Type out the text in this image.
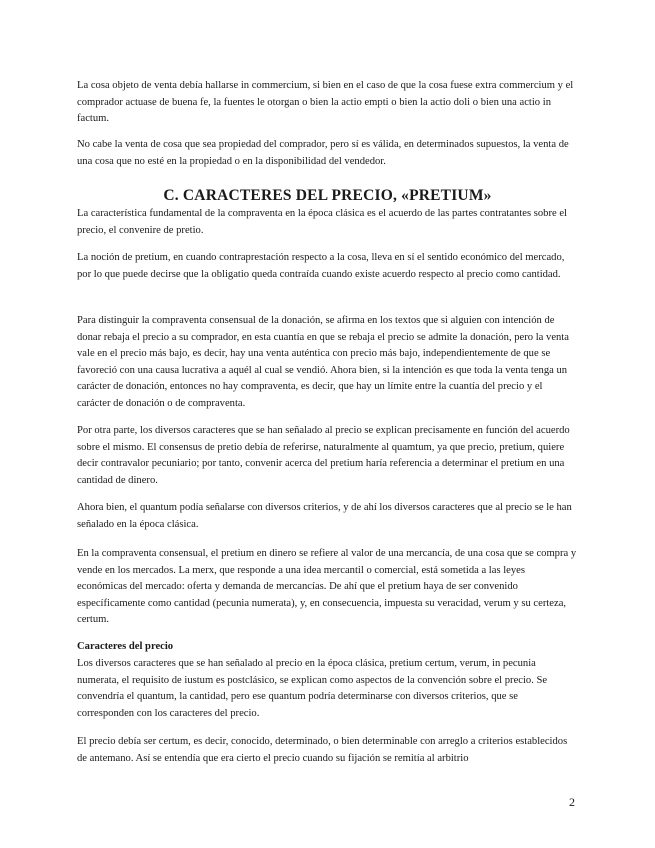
La cosa objeto de venta debía hallarse in commercium, si bien en el caso de que la cosa fuese extra commercium y el comprador actuase de buena fe, la fuentes le otorgan o bien la actio empti o bien la actio doli o bien una actio in factum.

No cabe la venta de cosa que sea propiedad del comprador, pero sí es válida, en determinados supuestos, la venta de una cosa que no esté en la propiedad o en la disponibilidad del vendedor.

C. CARACTERES DEL PRECIO, «PRETIUM»

La característica fundamental de la compraventa en la época clásica es el acuerdo de las partes contratantes sobre el precio, el convenire de pretio.

La noción de pretium, en cuando contraprestación respecto a la cosa, lleva en sí el sentido económico del mercado, por lo que puede decirse que la obligatio queda contraída cuando existe acuerdo respecto al precio como cantidad.

Para distinguir la compraventa consensual de la donación, se afirma en los textos que si alguien con intención de donar rebaja el precio a su comprador, en esta cuantía en que se rebaja el precio se admite la donación, pero la venta vale en el precio más bajo, es decir, hay una venta auténtica con precio más bajo, independientemente de que se favoreció con una causa lucrativa a aquél al cual se vendió. Ahora bien, si la intención es que toda la venta tenga un carácter de donación, entonces no hay compraventa, es decir, que hay un límite entre la cuantía del precio y el carácter de donación o de compraventa.

Por otra parte, los diversos caracteres que se han señalado al precio se explican precisamente en función del acuerdo sobre el mismo. El consensus de pretio debía de referirse, naturalmente al quamtum, ya que precio, pretium, quiere decir contravalor pecuniario; por tanto, convenir acerca del pretium haría referencia a determinar el pretium en una cantidad de dinero.

Ahora bien, el quantum podía señalarse con diversos criterios, y de ahí los diversos caracteres que al precio se le han señalado en la época clásica.

En la compraventa consensual, el pretium en dinero se refiere al valor de una mercancía, de una cosa que se compra y vende en los mercados. La merx, que responde a una idea mercantil o comercial, está sometida a las leyes económicas del mercado: oferta y demanda de mercancías. De ahí que el pretium haya de ser convenido específicamente como cantidad (pecunia numerata), y, en consecuencia, impuesta su veracidad, verum y su certeza, certum.

Caracteres del precio

Los diversos caracteres que se han señalado al precio en la época clásica, pretium certum, verum, in pecunia numerata, el requisito de iustum es postclásico, se explican como aspectos de la convención sobre el precio. Se convendría el quantum, la cantidad, pero ese quantum podría determinarse con diversos criterios, que se corresponden con los caracteres del precio.

El precio debía ser certum, es decir, conocido, determinado, o bien determinable con arreglo a criterios establecidos de antemano. Así se entendía que era cierto el precio cuando su fijación se remitía al arbitrio

2
